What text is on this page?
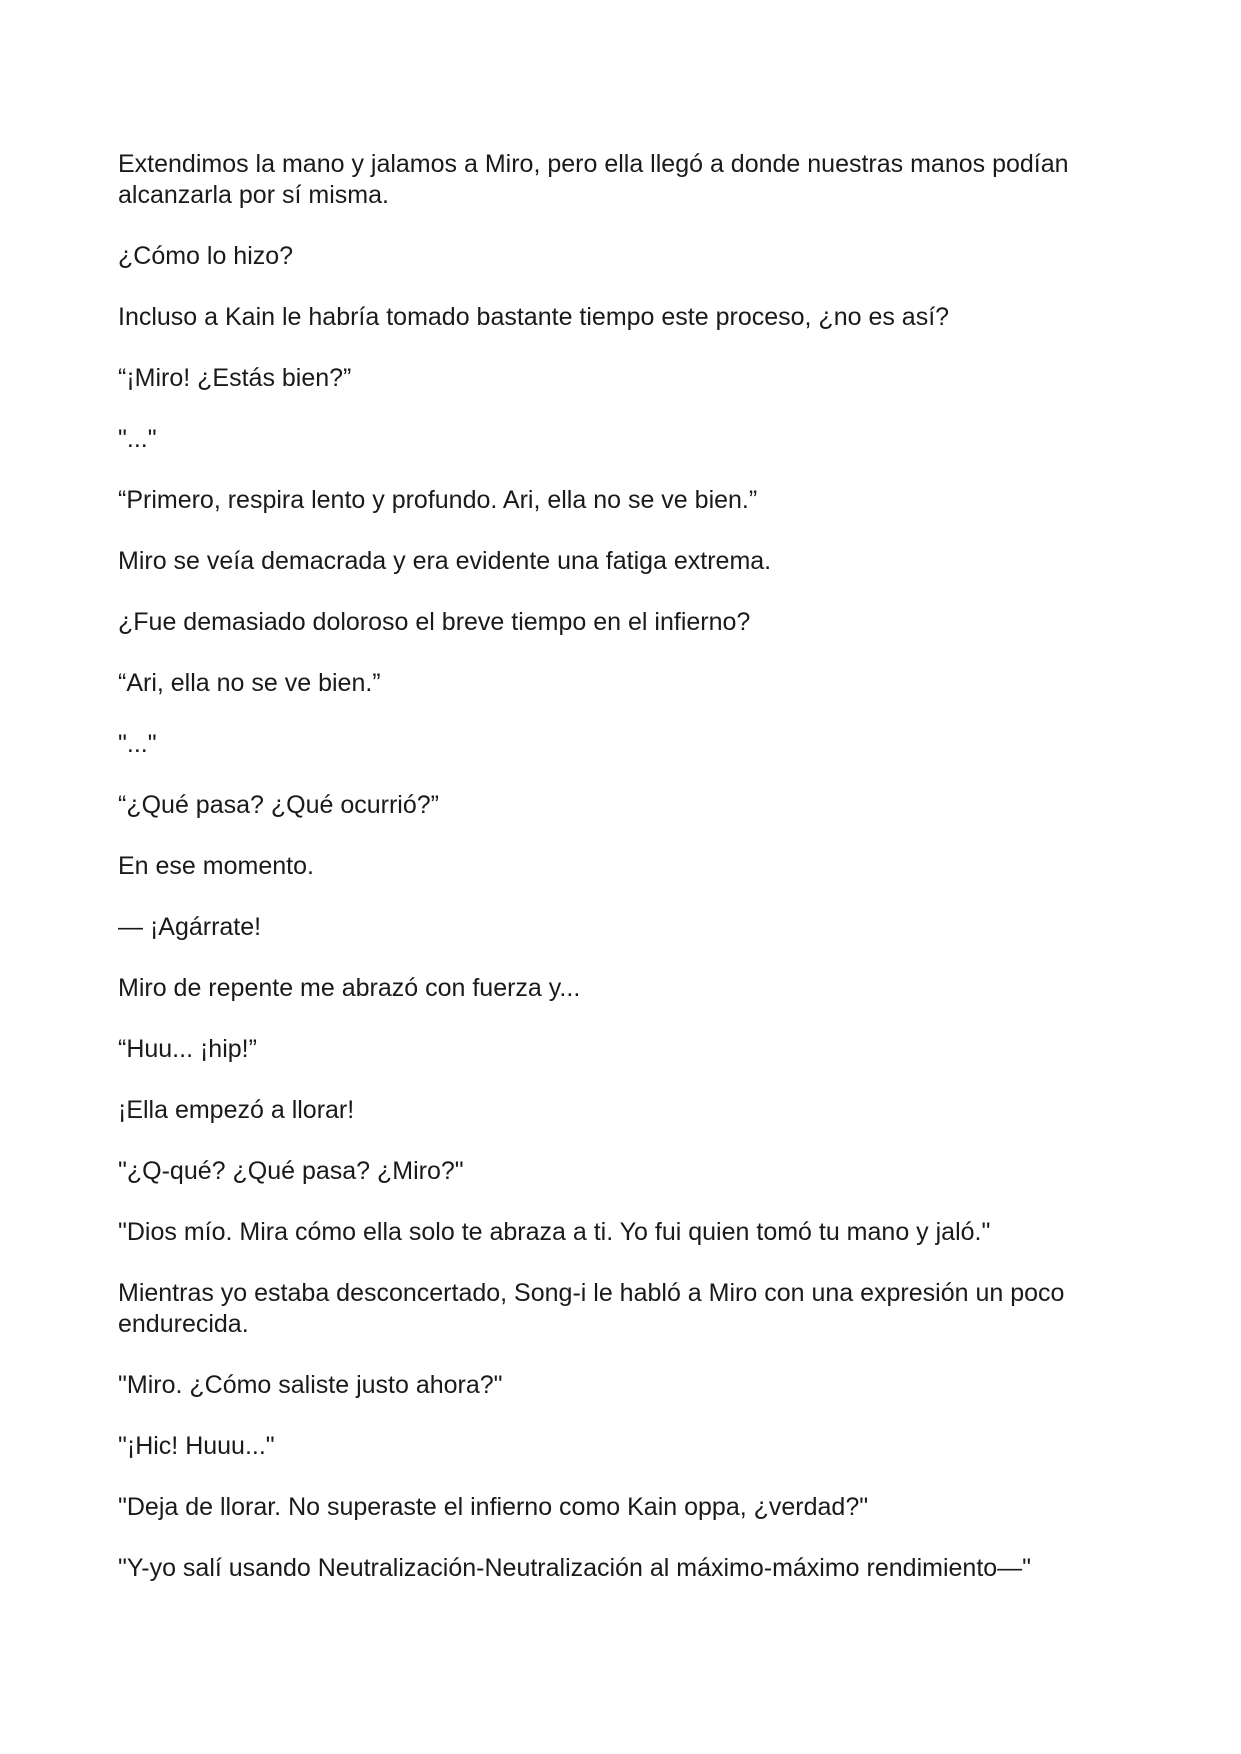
Extendimos la mano y jalamos a Miro, pero ella llegó a donde nuestras manos podían alcanzarla por sí misma.

¿Cómo lo hizo?

Incluso a Kain le habría tomado bastante tiempo este proceso, ¿no es así?

“¡Miro! ¿Estás bien?”

"..."

“Primero, respira lento y profundo. Ari, ella no se ve bien.”

Miro se veía demacrada y era evidente una fatiga extrema.

¿Fue demasiado doloroso el breve tiempo en el infierno?

“Ari, ella no se ve bien.”

"..."

“¿Qué pasa? ¿Qué ocurrió?”

En ese momento.

— ¡Agárrate!

Miro de repente me abrazó con fuerza y...

“Huu... ¡hip!”

¡Ella empezó a llorar!

"¿Q-qué? ¿Qué pasa? ¿Miro?"

"Dios mío. Mira cómo ella solo te abraza a ti. Yo fui quien tomó tu mano y jaló."

Mientras yo estaba desconcertado, Song-i le habló a Miro con una expresión un poco endurecida.

"Miro. ¿Cómo saliste justo ahora?"

"¡Hic! Huuu..."

"Deja de llorar. No superaste el infierno como Kain oppa, ¿verdad?"

"Y-yo salí usando Neutralización-Neutralización al máximo-máximo rendimiento—"
